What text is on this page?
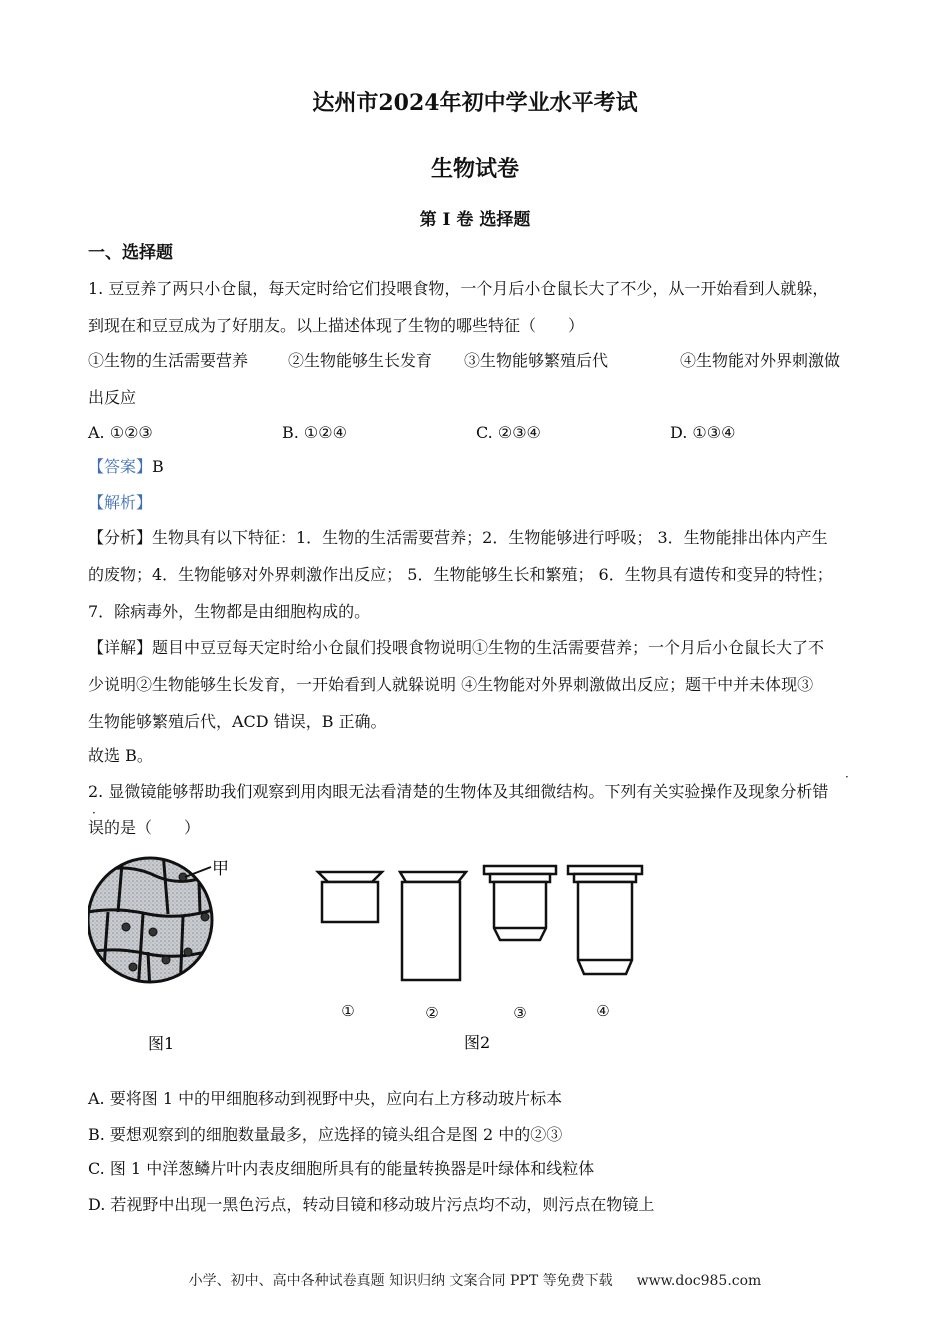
达州市2024年初中学业水平考试
生物试卷
第 I 卷 选择题
一、选择题
1. 豆豆养了两只小仓鼠，每天定时给它们投喂食物，一个月后小仓鼠长大了不少，从一开始看到人就躲，
到现在和豆豆成为了好朋友。以上描述体现了生物的哪些特征（　　）
①生物的生活需要营养 ②生物能够生长发育 ③生物能够繁殖后代	④生物能对外界刺激做
出反应
A. ①②③	B. ①②④	C. ②③④	D. ①③④
【答案】B
【解析】
【分析】生物具有以下特征：1．生物的生活需要营养；2．生物能够进行呼吸； 3．生物能排出体内产生
的废物；4．生物能够对外界刺激作出反应； 5．生物能够生长和繁殖； 6．生物具有遗传和变异的特性；
7．除病毒外，生物都是由细胞构成的。
【详解】题目中豆豆每天定时给小仓鼠们投喂食物说明①生物的生活需要营养；一个月后小仓鼠长大了不
少说明②生物能够生长发育，一开始看到人就躲说明 ④生物能对外界刺激做出反应；题干中并未体现③
生物能够繁殖后代，ACD 错误，B 正确。
故选 B。
2. 显微镜能够帮助我们观察到用肉眼无法看清楚的生物体及其细微结构。下列有关实验操作及现象分析错
·
误的是（　　）
·
甲
图1
①	②	③	④
图2
A. 要将图 1 中的甲细胞移动到视野中央，应向右上方移动玻片标本
B. 要想观察到的细胞数量最多，应选择的镜头组合是图 2 中的②③
C. 图 1 中洋葱鳞片叶内表皮细胞所具有的能量转换器是叶绿体和线粒体
D. 若视野中出现一黑色污点，转动目镜和移动玻片污点均不动，则污点在物镜上
小学、初中、高中各种试卷真题 知识归纳 文案合同 PPT 等免费下载 www.doc985.com
